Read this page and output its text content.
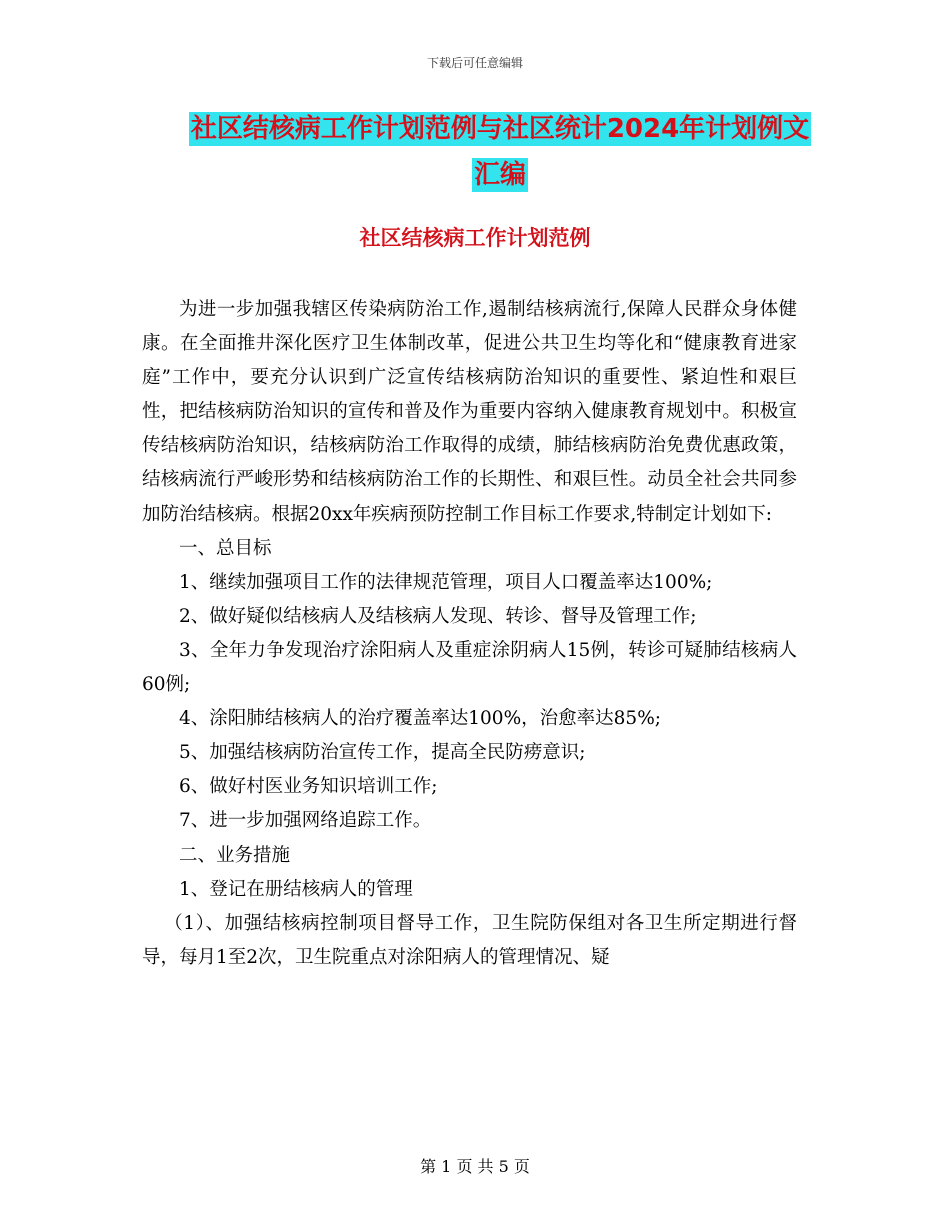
下载后可任意编辑
社区结核病工作计划范例与社区统计2024年计划例文
汇编
社区结核病工作计划范例

为进一步加强我辖区传染病防治工作,遏制结核病流行,保障人民群众身体健康。在全面推井深化医疗卫生体制改革，促进公共卫生均等化和“健康教育进家庭”工作中，要充分认识到广泛宣传结核病防治知识的重要性、紧迫性和艰巨性，把结核病防治知识的宣传和普及作为重要内容纳入健康教育规划中。积极宣传结核病防治知识，结核病防治工作取得的成绩，肺结核病防治免费优惠政策，结核病流行严峻形势和结核病防治工作的长期性、和艰巨性。动员全社会共同参加防治结核病。根据20xx年疾病预防控制工作目标工作要求,特制定计划如下:

一、总目标

1、继续加强项目工作的法律规范管理，项目人口覆盖率达100%;

2、做好疑似结核病人及结核病人发现、转诊、督导及管理工作;

3、全年力争发现治疗涂阳病人及重症涂阴病人15例，转诊可疑肺结核病人60例;

4、涂阳肺结核病人的治疗覆盖率达100%，治愈率达85%;

5、加强结核病防治宣传工作，提高全民防痨意识;

6、做好村医业务知识培训工作;

7、进一步加强网络追踪工作。

二、业务措施

1、登记在册结核病人的管理

（1）、加强结核病控制项目督导工作，卫生院防保组对各卫生所定期进行督导，每月1至2次，卫生院重点对涂阳病人的管理情况、疑

第 1 页 共 5 页
